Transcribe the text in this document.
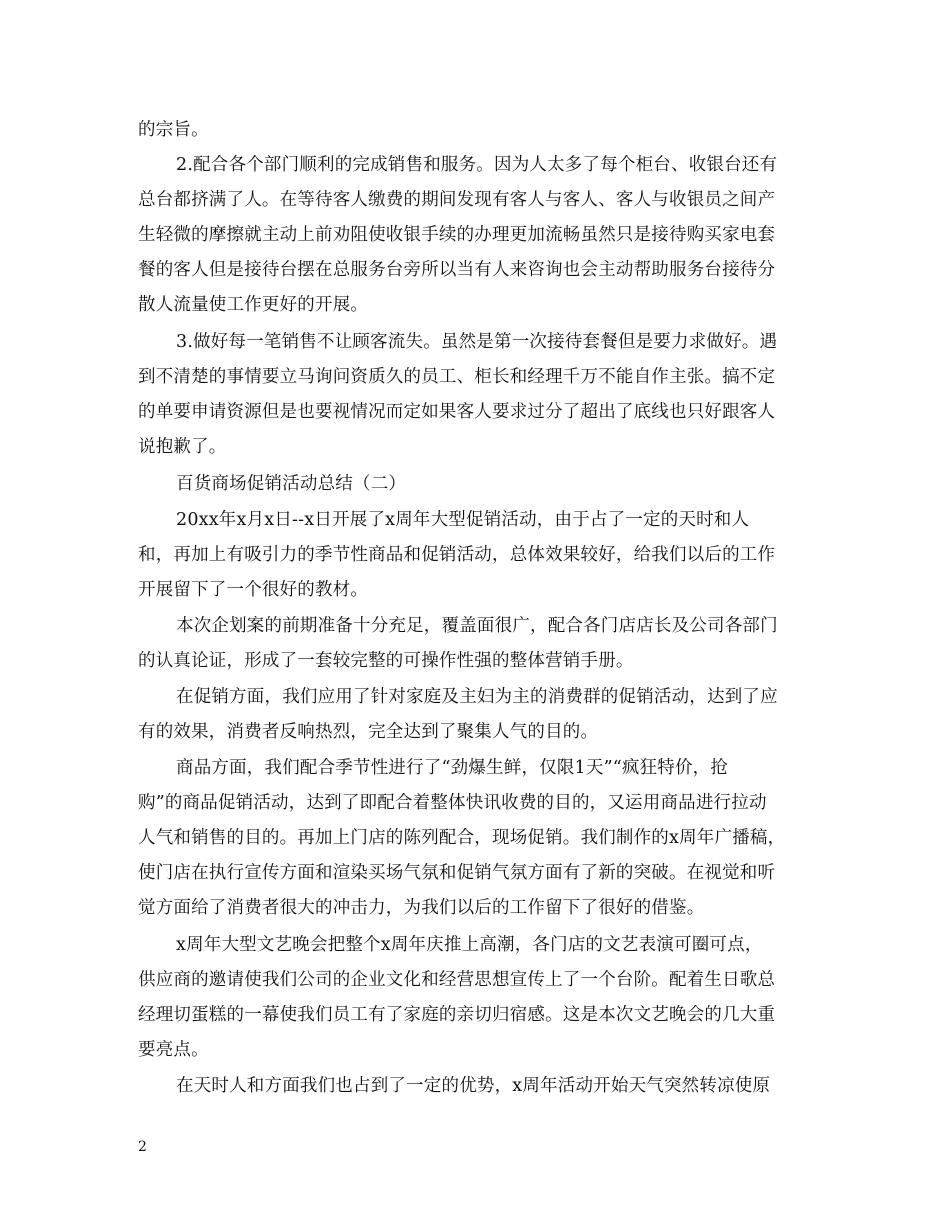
的宗旨。
2.配合各个部门顺利的完成销售和服务。因为人太多了每个柜台、收银台还有
总台都挤满了人。在等待客人缴费的期间发现有客人与客人、客人与收银员之间产
生轻微的摩擦就主动上前劝阻使收银手续的办理更加流畅虽然只是接待购买家电套
餐的客人但是接待台摆在总服务台旁所以当有人来咨询也会主动帮助服务台接待分
散人流量使工作更好的开展。
3.做好每一笔销售不让顾客流失。虽然是第一次接待套餐但是要力求做好。遇
到不清楚的事情要立马询问资质久的员工、柜长和经理千万不能自作主张。搞不定
的单要申请资源但是也要视情况而定如果客人要求过分了超出了底线也只好跟客人
说抱歉了。
百货商场促销活动总结（二）
20xx年x月x日--x日开展了x周年大型促销活动，由于占了一定的天时和人
和，再加上有吸引力的季节性商品和促销活动，总体效果较好，给我们以后的工作
开展留下了一个很好的教材。
本次企划案的前期准备十分充足，覆盖面很广，配合各门店店长及公司各部门
的认真论证，形成了一套较完整的可操作性强的整体营销手册。
在促销方面，我们应用了针对家庭及主妇为主的消费群的促销活动，达到了应
有的效果，消费者反响热烈，完全达到了聚集人气的目的。
商品方面，我们配合季节性进行了“劲爆生鲜，仅限1天”“疯狂特价，抢
购”的商品促销活动，达到了即配合着整体快讯收费的目的，又运用商品进行拉动
人气和销售的目的。再加上门店的陈列配合，现场促销。我们制作的x周年广播稿，
使门店在执行宣传方面和渲染买场气氛和促销气氛方面有了新的突破。在视觉和听
觉方面给了消费者很大的冲击力，为我们以后的工作留下了很好的借鉴。
x周年大型文艺晚会把整个x周年庆推上高潮，各门店的文艺表演可圈可点，
供应商的邀请使我们公司的企业文化和经营思想宣传上了一个台阶。配着生日歌总
经理切蛋糕的一幕使我们员工有了家庭的亲切归宿感。这是本次文艺晚会的几大重
要亮点。
在天时人和方面我们也占到了一定的优势，x周年活动开始天气突然转凉使原
2
